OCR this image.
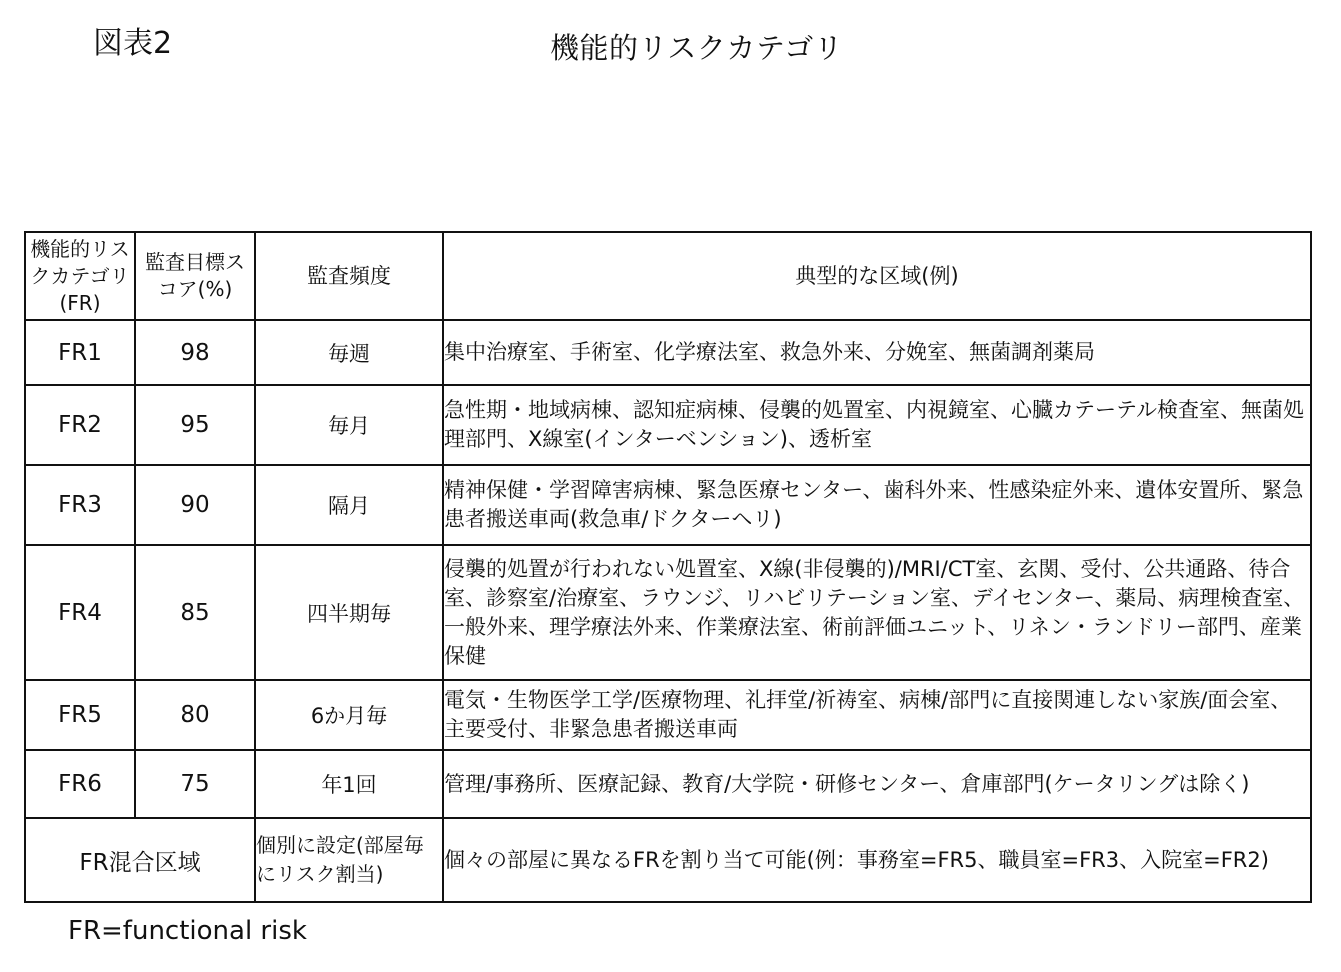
図表2	機能的リスクカテゴリ
機能的リスクカテゴリ (FR)	監査目標スコア(%)	監査頻度	典型的な区域(例)
FR1	98	毎週	集中治療室、手術室、化学療法室、救急外来、分娩室、無菌調剤薬局
FR2	95	毎月	急性期・地域病棟、認知症病棟、侵襲的処置室、内視鏡室、心臓カテーテル検査室、無菌処理部門、X線室(インターベンション)、透析室
FR3	90	隔月	精神保健・学習障害病棟、緊急医療センター、歯科外来、性感染症外来、遺体安置所、緊急患者搬送車両(救急車/ドクターヘリ)
FR4	85	四半期毎	侵襲的処置が行われない処置室、X線(非侵襲的)/MRI/CT室、玄関、受付、公共通路、待合室、診察室/治療室、ラウンジ、リハビリテーション室、デイセンター、薬局、病理検査室、一般外来、理学療法外来、作業療法室、術前評価ユニット、リネン・ランドリー部門、産業保健
FR5	80	6か月毎	電気・生物医学工学/医療物理、礼拝堂/祈祷室、病棟/部門に直接関連しない家族/面会室、主要受付、非緊急患者搬送車両
FR6	75	年1回	管理/事務所、医療記録、教育/大学院・研修センター、倉庫部門(ケータリングは除く)
FR混合区域		個別に設定(部屋毎にリスク割当)	個々の部屋に異なるFRを割り当て可能(例：事務室=FR5、職員室=FR3、入院室=FR2)
FR=functional risk
